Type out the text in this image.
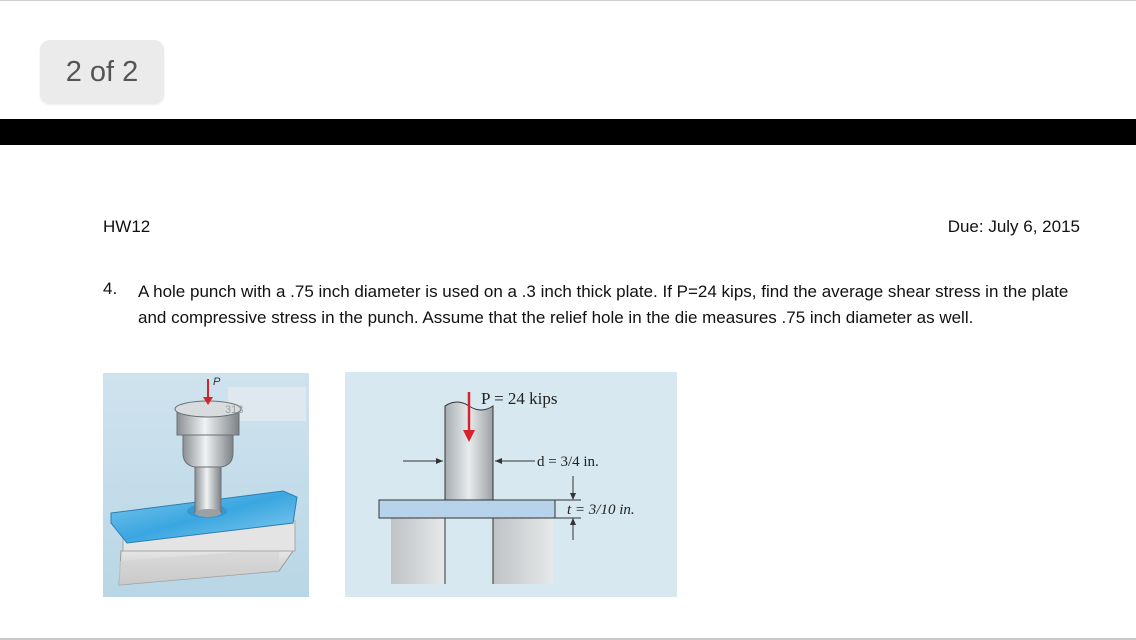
2 of 2
HW12	Due: July 6, 2015
4. A hole punch with a .75 inch diameter is used on a .3 inch thick plate. If P=24 kips, find the average shear stress in the plate and compressive stress in the punch. Assume that the relief hole in the die measures .75 inch diameter as well.
313
P
P = 24 kips
d = 3/4 in.
t = 3/10 in.
